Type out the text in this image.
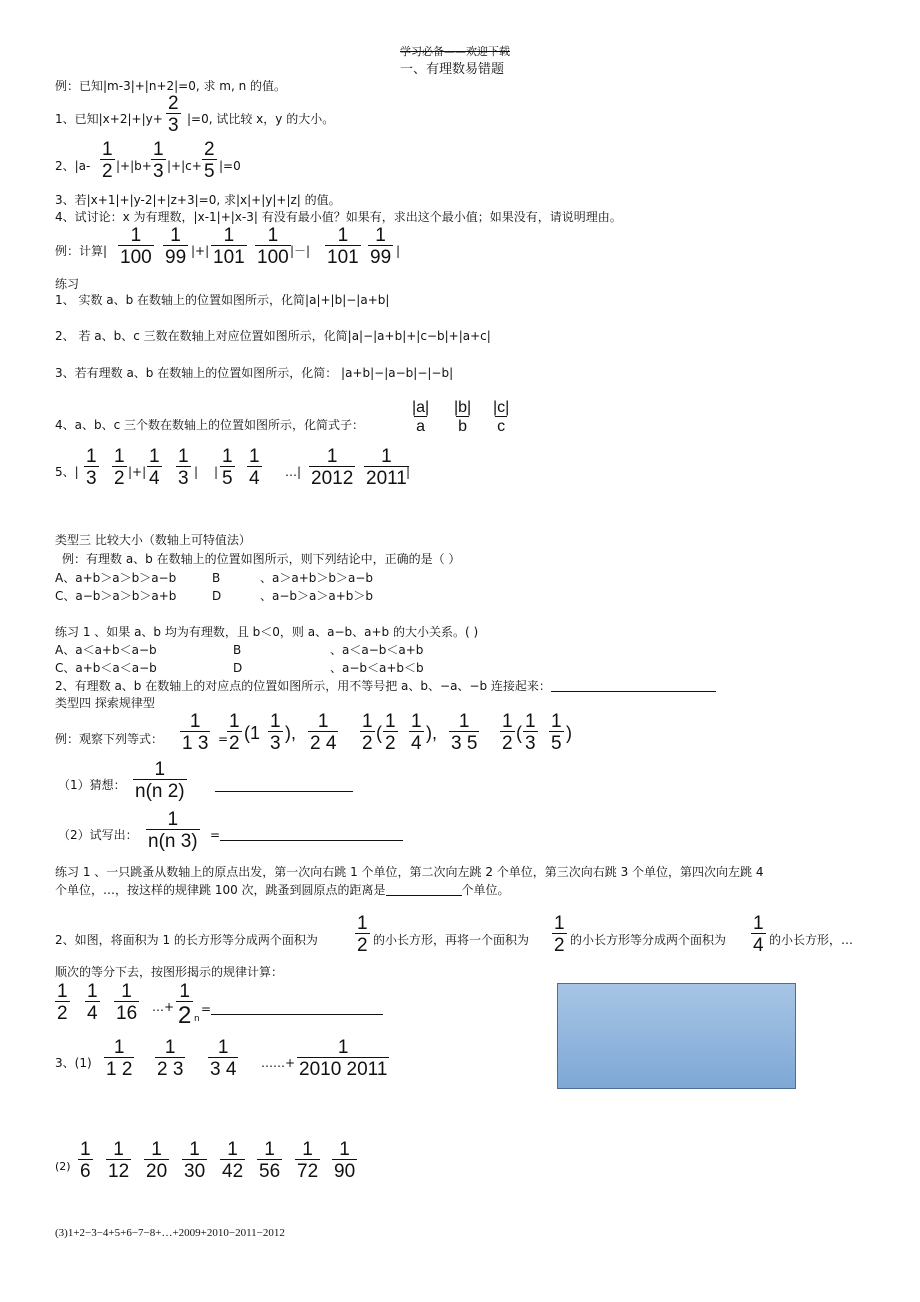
学习必备——欢迎下载
一、有理数易错题
例：已知|m-3|+|n+2|=0, 求 m, n 的值。
1、已知$|x+2|+|y+ \frac{2}{3} |=0$, 试比较 x，y 的大小。
2、$|a- \frac{1}{2} |+|b+ \frac{1}{3} |+|c+ \frac{2}{5} |=0$
3、若|x+1|+|y-2|+|z+3|=0, 求|x|+|y|+|z| 的值。
4、试讨论：x 为有理数，|x-1|+|x-3| 有没有最小值？如果有，求出这个最小值；如果没有，请说明理由。
例：计算| $\frac{1}{100} \frac{1}{99}$ |+| $\frac{1}{101} \frac{1}{100}$ |－| $\frac{1}{101} \frac{1}{99}$ |
练习
1、 实数 a、b 在数轴上的位置如图所示，化简|a|+|b|−|a+b|
2、 若 a、b、c 三数在数轴上对应位置如图所示，化简|a|−|a+b|+|c−b|+|a+c|
3、若有理数 a、b 在数轴上的位置如图所示，化简： |a+b|−|a−b|−|−b|
4、a、b、c 三个数在数轴上的位置如图所示，化简式子：	$\frac{|a|}{a} \frac{|b|}{b} \frac{|c|}{c}$
5、| $\frac{1}{3} \frac{1}{2}$ |+| $\frac{1}{4} \frac{1}{3}$ | | $\frac{1}{5} \frac{1}{4}$ …| $\frac{1}{2012} \frac{1}{2011}$
|
类型三 比较大小（数轴上可特值法）
例：有理数 a、b 在数轴上的位置如图所示，则下列结论中，正确的是（ ）
A、a+b＞a＞b＞a−b	B	、a＞a+b＞b＞a−b
C、a−b＞a＞b＞a+b	D	、a−b＞a＞a+b＞b
练习 1 、如果 a、b 均为有理数，且 b＜0，则 a、a−b、a+b 的大小关系。( )
A、a＜a+b＜a−b	B	、a＜a−b＜a+b
C、a+b＜a＜a−b	D	、a−b＜a+b＜b
2、有理数 a、b 在数轴上的对应点的位置如图所示，用不等号把 a、b、−a、−b 连接起来：
类型四 探索规律型
例：观察下列等式： $\frac{1}{1 3}$ =
$\frac{1}{2} (1 \frac{1}{3}$ ), $\frac{1}{2 4} \frac{1}{2}$ ( $\frac{1}{2} \frac{1}{4}$ ), $\frac{1}{3 5} \frac{1}{2}$ ( $\frac{1}{3} \frac{1}{5}$ )
（1）猜想： $\frac{1}{n(n 2)}$
（2）试写出： $\frac{1}{n(n 3)}$ =
练习 1 、一只跳蚤从数轴上的原点出发，第一次向右跳 1 个单位，第二次向左跳 2 个单位，第三次向右跳 3 个单位，第四次向左跳 4
个单位，…，按这样的规律跳 100 次，跳蚤到圆原点的距离是	个单位。
2、如图，将面积为 1 的长方形等分成两个面积为 $\frac{1}{2}$ 的小长方形，再将一个面积为 $\frac{1}{2}$ 的小长方形等分成两个面积为 $\frac{1}{4}$ 的小长方形，…
顺次的等分下去，按图形揭示的规律计算：
$\frac{1}{2} \frac{1}{4} \frac{1}{16}$ …+
1
2 n
=
3、$(1) \frac{1}{1 2} \frac{1}{2 3} \frac{1}{3 4}$ ……+ $\frac{1}{2010 2011}$
$(2) \frac{1}{6} \frac{1}{12} \frac{1}{20} \frac{1}{30} \frac{1}{42} \frac{1}{56} \frac{1}{72} \frac{1}{90}$
(3)1+2−3−4+5+6−7−8+…+2009+2010−2011−2012
